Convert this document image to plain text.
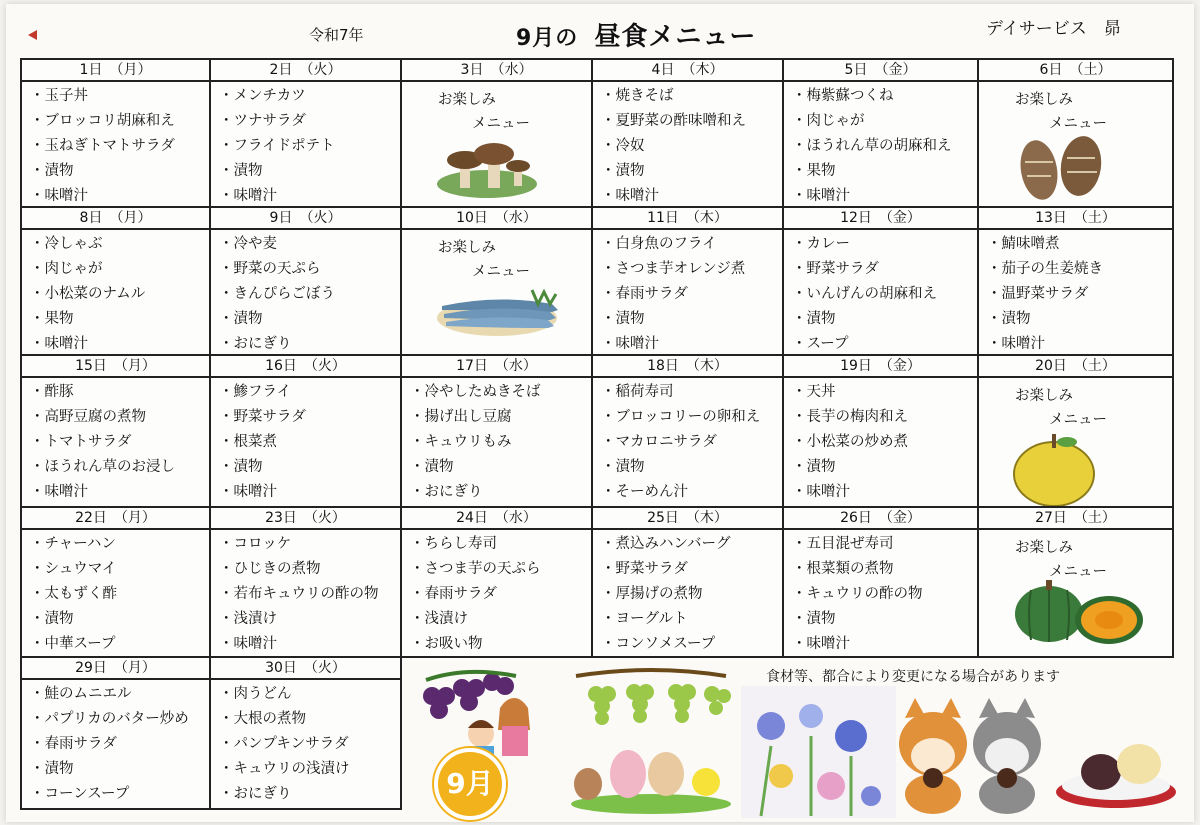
令和7年	9月の 昼食メニュー	デイサービス　昴
1日　（月）
・ 玉子丼
・ ブロッコリ胡麻和え
・ 玉ねぎトマトサラダ
・ 漬物
・ 味噌汁
2日　（火）
・ メンチカツ
・ ツナサラダ
・ フライドポテト
・ 漬物
・ 味噌汁
3日　（水）
お楽しみ
メニュー
4日　（木）
・ 焼きそば
・ 夏野菜の酢味噌和え
・ 冷奴
・ 漬物
・ 味噌汁
5日　（金）
・ 梅紫蘇つくね
・ 肉じゃが
・ ほうれん草の胡麻和え
・ 果物
・ 味噌汁
6日　（土）
お楽しみ
メニュー
8日　（月）
・ 冷しゃぶ
・ 肉じゃが
・ 小松菜のナムル
・ 果物
・ 味噌汁
9日　（火）
・ 冷や麦
・ 野菜の天ぷら
・ きんぴらごぼう
・ 漬物
・ おにぎり
10日　（水）
お楽しみ
メニュー
11日　（木）
・ 白身魚のフライ
・ さつま芋オレンジ煮
・ 春雨サラダ
・ 漬物
・ 味噌汁
12日　（金）
・ カレー
・ 野菜サラダ
・ いんげんの胡麻和え
・ 漬物
・ スープ
13日　（土）
・ 鯖味噌煮
・ 茄子の生姜焼き
・ 温野菜サラダ
・ 漬物
・ 味噌汁
15日　（月）
・ 酢豚
・ 高野豆腐の煮物
・ トマトサラダ
・ ほうれん草のお浸し
・ 味噌汁
16日　（火）
・ 鯵フライ
・ 野菜サラダ
・ 根菜煮
・ 漬物
・ 味噌汁
17日　（水）
・ 冷やしたぬきそば
・ 揚げ出し豆腐
・ キュウリもみ
・ 漬物
・ おにぎり
18日　（木）
・ 稲荷寿司
・ ブロッコリーの卵和え
・ マカロニサラダ
・ 漬物
・ そーめん汁
19日　（金）
・ 天丼
・ 長芋の梅肉和え
・ 小松菜の炒め煮
・ 漬物
・ 味噌汁
20日　（土）
お楽しみ
メニュー
22日　（月）
・ チャーハン
・ シュウマイ
・ 太もずく酢
・ 漬物
・ 中華スープ
23日　（火）
・ コロッケ
・ ひじきの煮物
・ 若布キュウリの酢の物
・ 浅漬け
・ 味噌汁
24日　（水）
・ ちらし寿司
・ さつま芋の天ぷら
・ 春雨サラダ
・ 浅漬け
・ お吸い物
25日　（木）
・ 煮込みハンバーグ
・ 野菜サラダ
・ 厚揚げの煮物
・ ヨーグルト
・ コンソメスープ
26日　（金）
・ 五目混ぜ寿司
・ 根菜類の煮物
・ キュウリの酢の物
・ 漬物
・ 味噌汁
27日　（土）
お楽しみ
メニュー
29日　（月）
・ 鮭のムニエル
・ パプリカのバター炒め
・ 春雨サラダ
・ 漬物
・ コーンスープ
30日　（火）
・ 肉うどん
・ 大根の煮物
・ パンプキンサラダ
・ キュウリの浅漬け
・ おにぎり
食材等、都合により変更になる場合があります
9月
